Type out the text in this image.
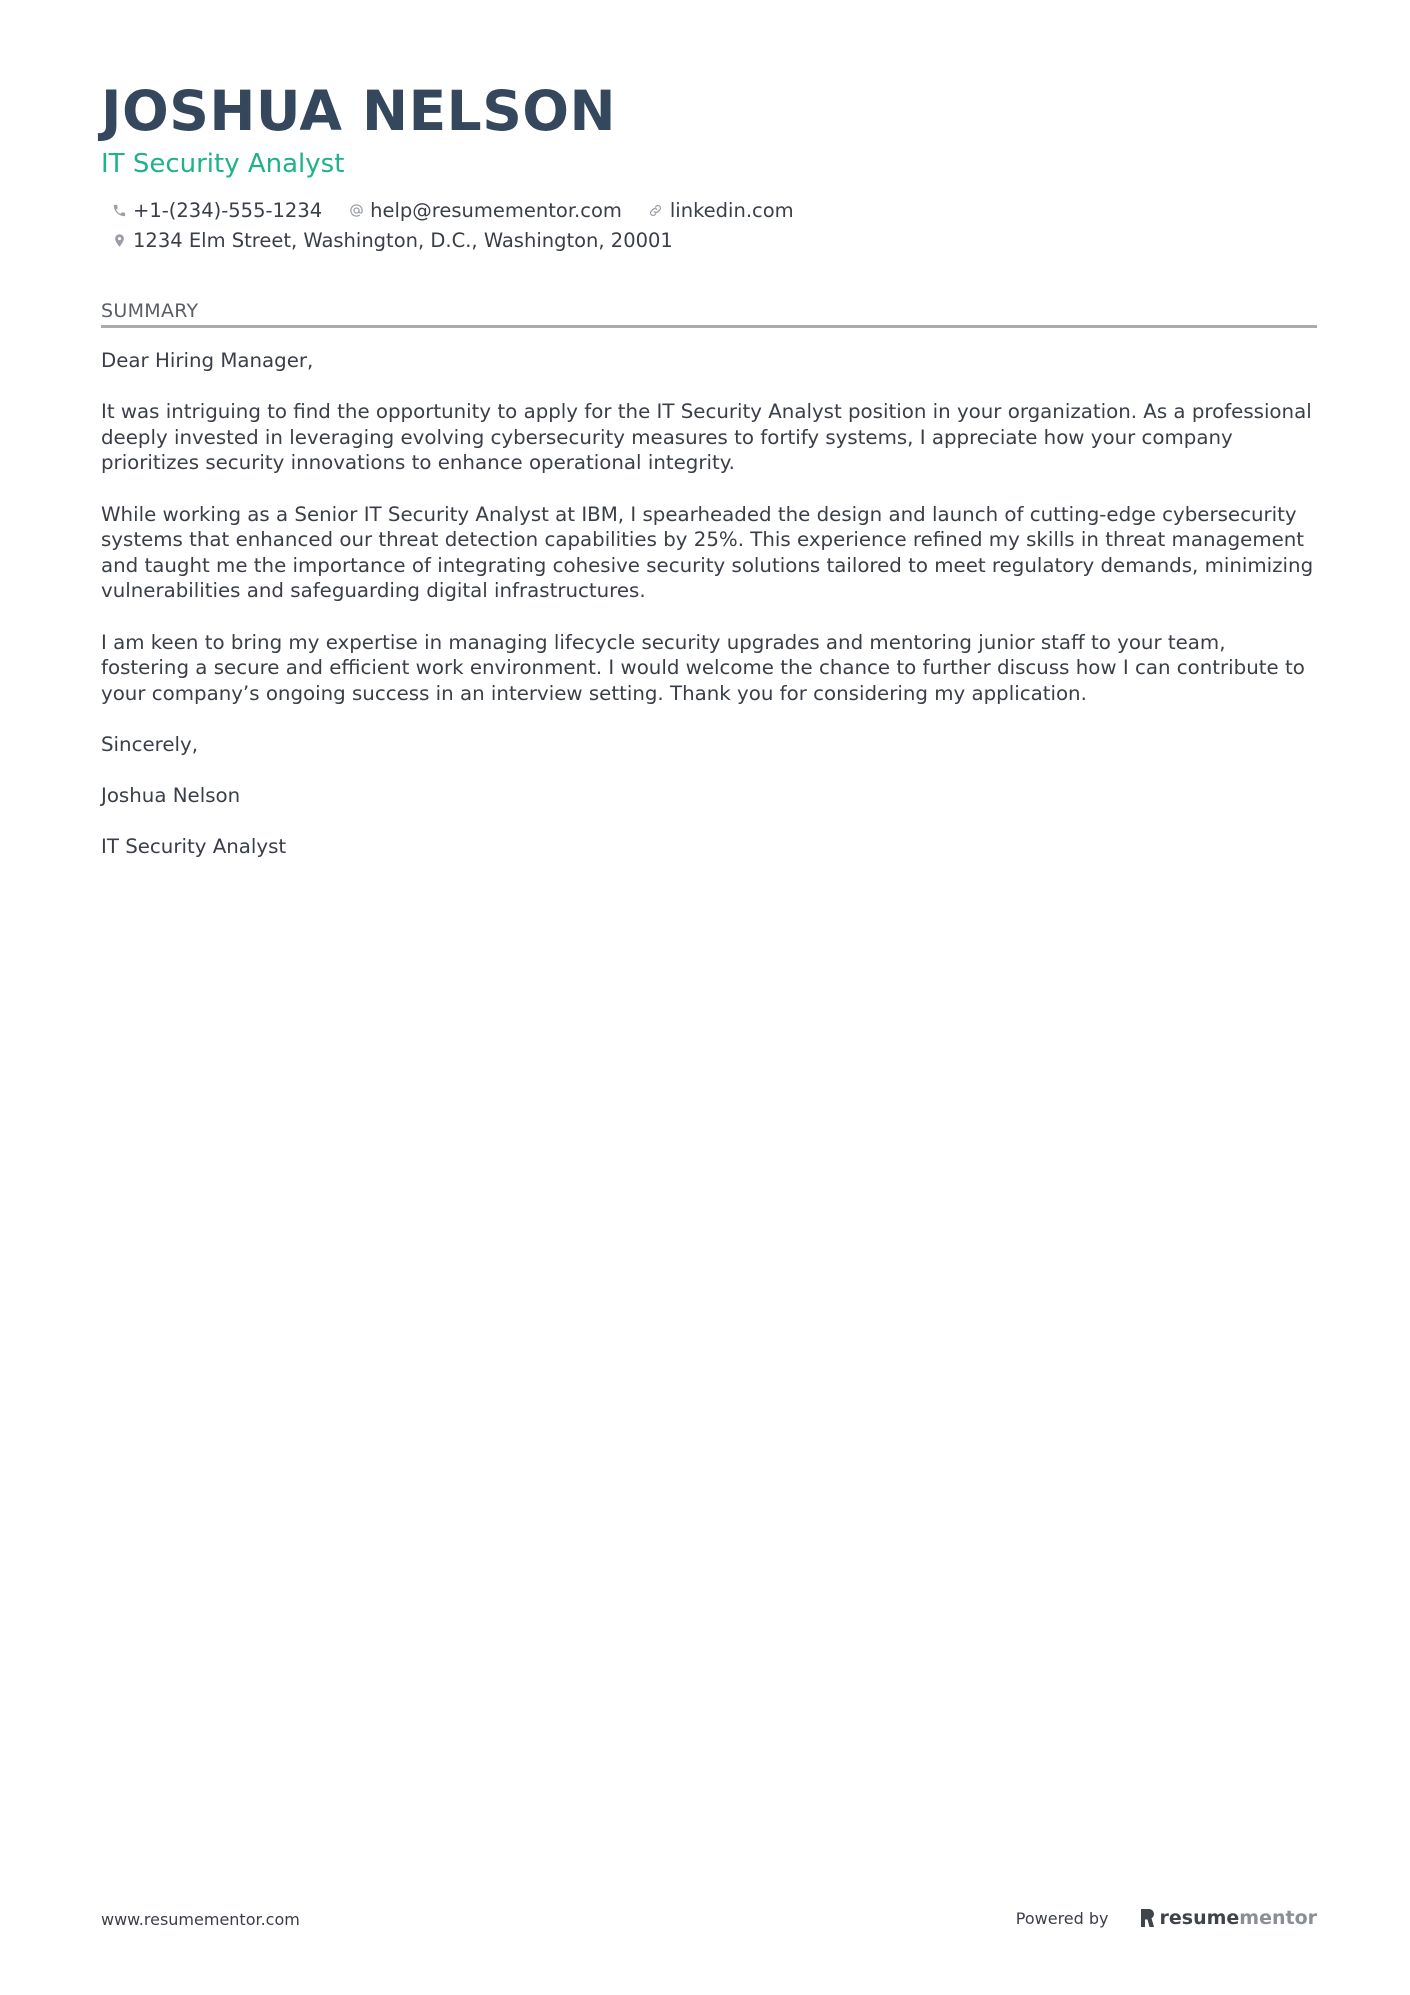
JOSHUA NELSON
IT Security Analyst
+1-(234)-555-1234 help@resumementor.com linkedin.com
1234 Elm Street, Washington, D.C., Washington, 20001
SUMMARY

Dear Hiring Manager,

It was intriguing to find the opportunity to apply for the IT Security Analyst position in your organization. As a professional deeply invested in leveraging evolving cybersecurity measures to fortify systems, I appreciate how your company prioritizes security innovations to enhance operational integrity.

While working as a Senior IT Security Analyst at IBM, I spearheaded the design and launch of cutting-edge cybersecurity systems that enhanced our threat detection capabilities by 25%. This experience refined my skills in threat management and taught me the importance of integrating cohesive security solutions tailored to meet regulatory demands, minimizing vulnerabilities and safeguarding digital infrastructures.

I am keen to bring my expertise in managing lifecycle security upgrades and mentoring junior staff to your team, fostering a secure and efficient work environment. I would welcome the chance to further discuss how I can contribute to your company’s ongoing success in an interview setting. Thank you for considering my application.

Sincerely,

Joshua Nelson

IT Security Analyst

www.resumementor.com	Powered by	resume mentor
